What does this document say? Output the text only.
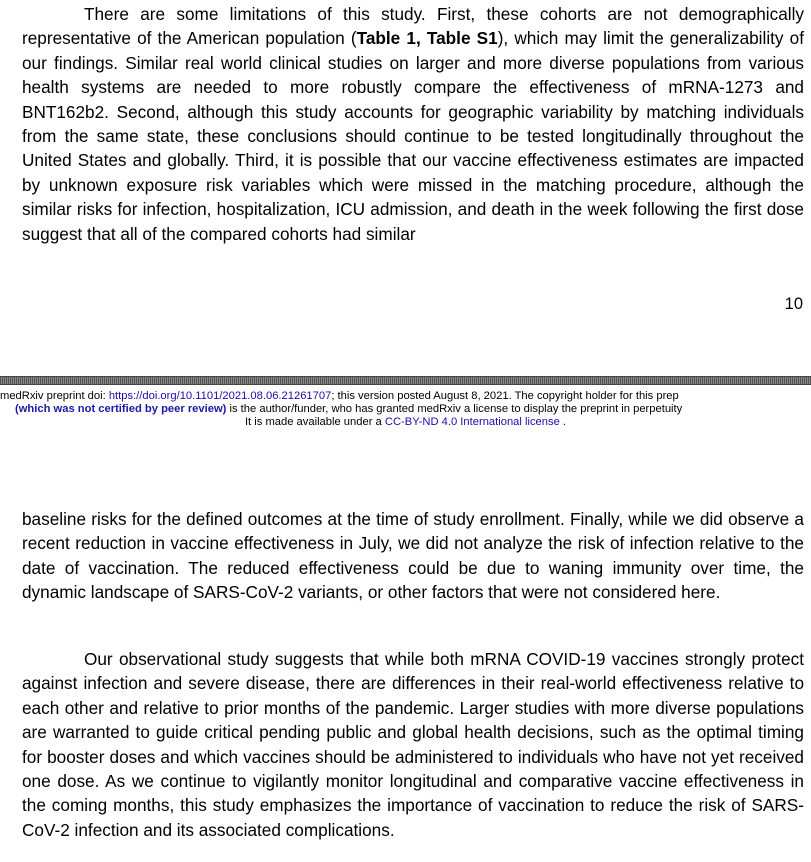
There are some limitations of this study. First, these cohorts are not demographically representative of the American population (Table 1, Table S1), which may limit the generalizability of our findings. Similar real world clinical studies on larger and more diverse populations from various health systems are needed to more robustly compare the effectiveness of mRNA-1273 and BNT162b2. Second, although this study accounts for geographic variability by matching individuals from the same state, these conclusions should continue to be tested longitudinally throughout the United States and globally. Third, it is possible that our vaccine effectiveness estimates are impacted by unknown exposure risk variables which were missed in the matching procedure, although the similar risks for infection, hospitalization, ICU admission, and death in the week following the first dose suggest that all of the compared cohorts had similar

10
medRxiv preprint doi: https://doi.org/10.1101/2021.08.06.21261707; this version posted August 8, 2021. The copyright holder for this prep
(which was not certified by peer review) is the author/funder, who has granted medRxiv a license to display the preprint in perpetuity
It is made available under a CC-BY-ND 4.0 International license .

baseline risks for the defined outcomes at the time of study enrollment. Finally, while we did observe a recent reduction in vaccine effectiveness in July, we did not analyze the risk of infection relative to the date of vaccination. The reduced effectiveness could be due to waning immunity over time, the dynamic landscape of SARS-CoV-2 variants, or other factors that were not considered here.

Our observational study suggests that while both mRNA COVID-19 vaccines strongly protect against infection and severe disease, there are differences in their real-world effectiveness relative to each other and relative to prior months of the pandemic. Larger studies with more diverse populations are warranted to guide critical pending public and global health decisions, such as the optimal timing for booster doses and which vaccines should be administered to individuals who have not yet received one dose. As we continue to vigilantly monitor longitudinal and comparative vaccine effectiveness in the coming months, this study emphasizes the importance of vaccination to reduce the risk of SARS-CoV-2 infection and its associated complications.
